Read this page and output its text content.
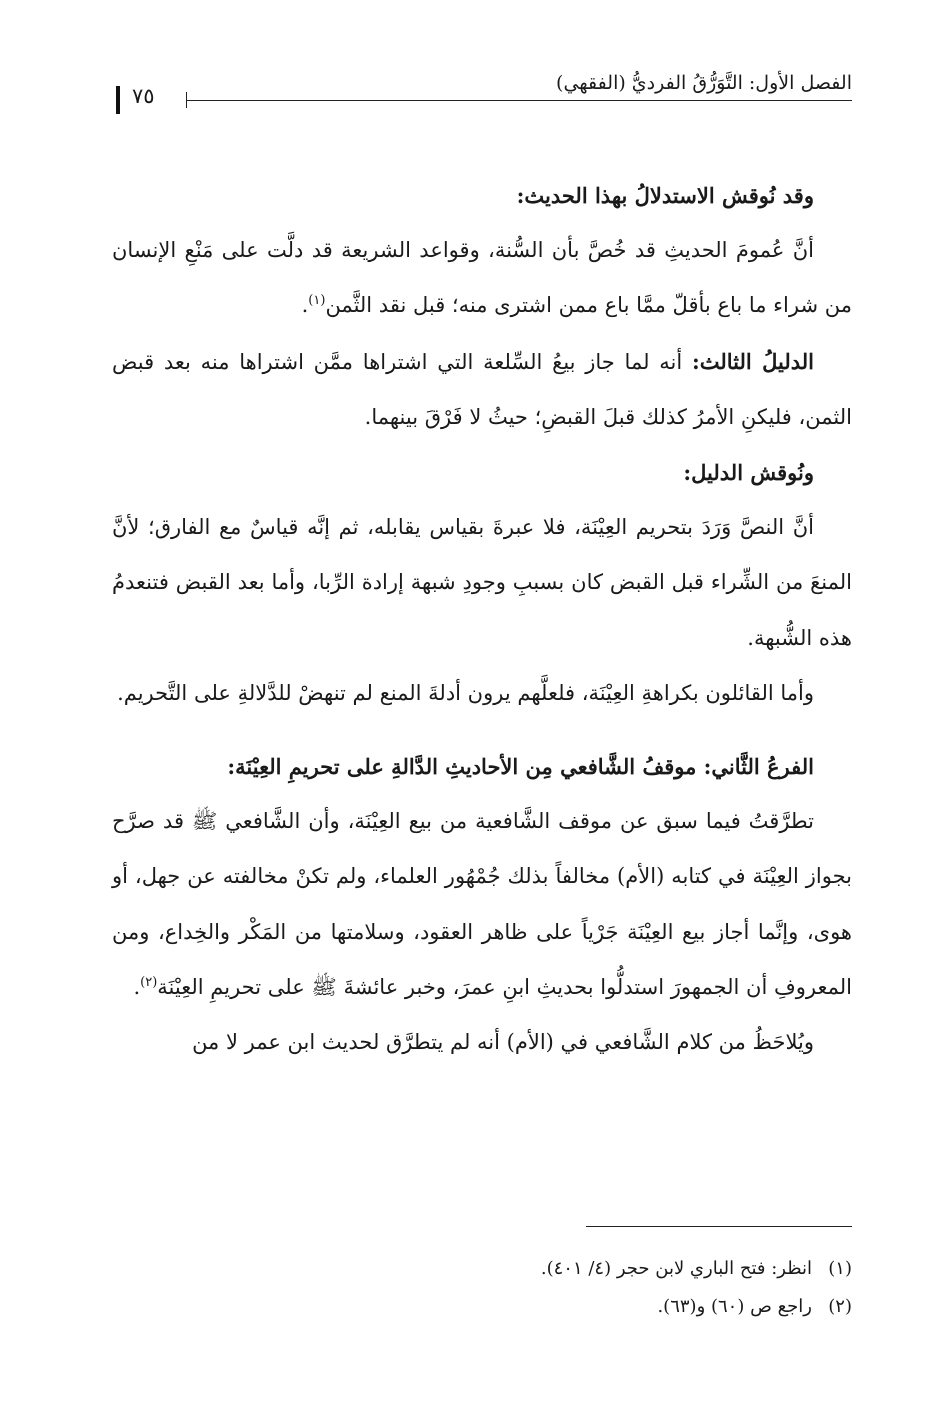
الفصل الأول: التَّوَرُّقُ الفرديُّ (الفقهي)
٧٥

وقد نُوقش الاستدلالُ بهذا الحديث:

أنَّ عُمومَ الحديثِ قد خُصَّ بأن السُّنة، وقواعد الشريعة قد دلَّت على مَنْعِ الإنسان من شراء ما باع بأقلّ ممَّا باع ممن اشترى منه؛ قبل نقد الثَّمن$^{(١)}$.

الدليلُ الثالث: أنه لما جاز بيعُ السِّلعة التي اشتراها ممَّن اشتراها منه بعد قبض الثمن، فليكنِ الأمرُ كذلك قبلَ القبضِ؛ حيثُ لا فَرْقَ بينهما.

ونُوقش الدليل:

أنَّ النصَّ وَرَدَ بتحريم العِيْنَة، فلا عبرةَ بقياس يقابله، ثم إنَّه قياسٌ مع الفارق؛ لأنَّ المنعَ من الشِّراء قبل القبض كان بسببِ وجودِ شبهة إرادة الرِّبا، وأما بعد القبض فتنعدمُ هذه الشُّبهة.

وأما القائلون بكراهةِ العِيْنَة، فلعلَّهم يرون أدلةَ المنع لم تنهضْ للدَّلالةِ على التَّحريم.

الفرعُ الثَّاني: موقفُ الشَّافعي مِن الأحاديثِ الدَّالةِ على تحريمِ العِيْنَة:

تطرَّقتُ فيما سبق عن موقف الشَّافعية من بيع العِيْنَة، وأن الشَّافعي ﷺ قد صرَّح بجواز العِيْنَة في كتابه (الأم) مخالفاً بذلك جُمْهُور العلماء، ولم تكنْ مخالفته عن جهل، أو هوى، وإنَّما أجاز بيع العِيْنَة جَرْياً على ظاهر العقود، وسلامتها من المَكْر والخِداع، ومن المعروفِ أن الجمهورَ استدلُّوا بحديثِ ابنِ عمرَ، وخبر عائشةَ ﷺ على تحريمِ العِيْنَة$^{(٢)}$.

ويُلاحَظُ من كلام الشَّافعي في (الأم) أنه لم يتطرَّق لحديث ابن عمر لا من

(١)انظر: فتح الباري لابن حجر (٤/ ٤٠١).

(٢)راجع ص (٦٠) و(٦٣).
